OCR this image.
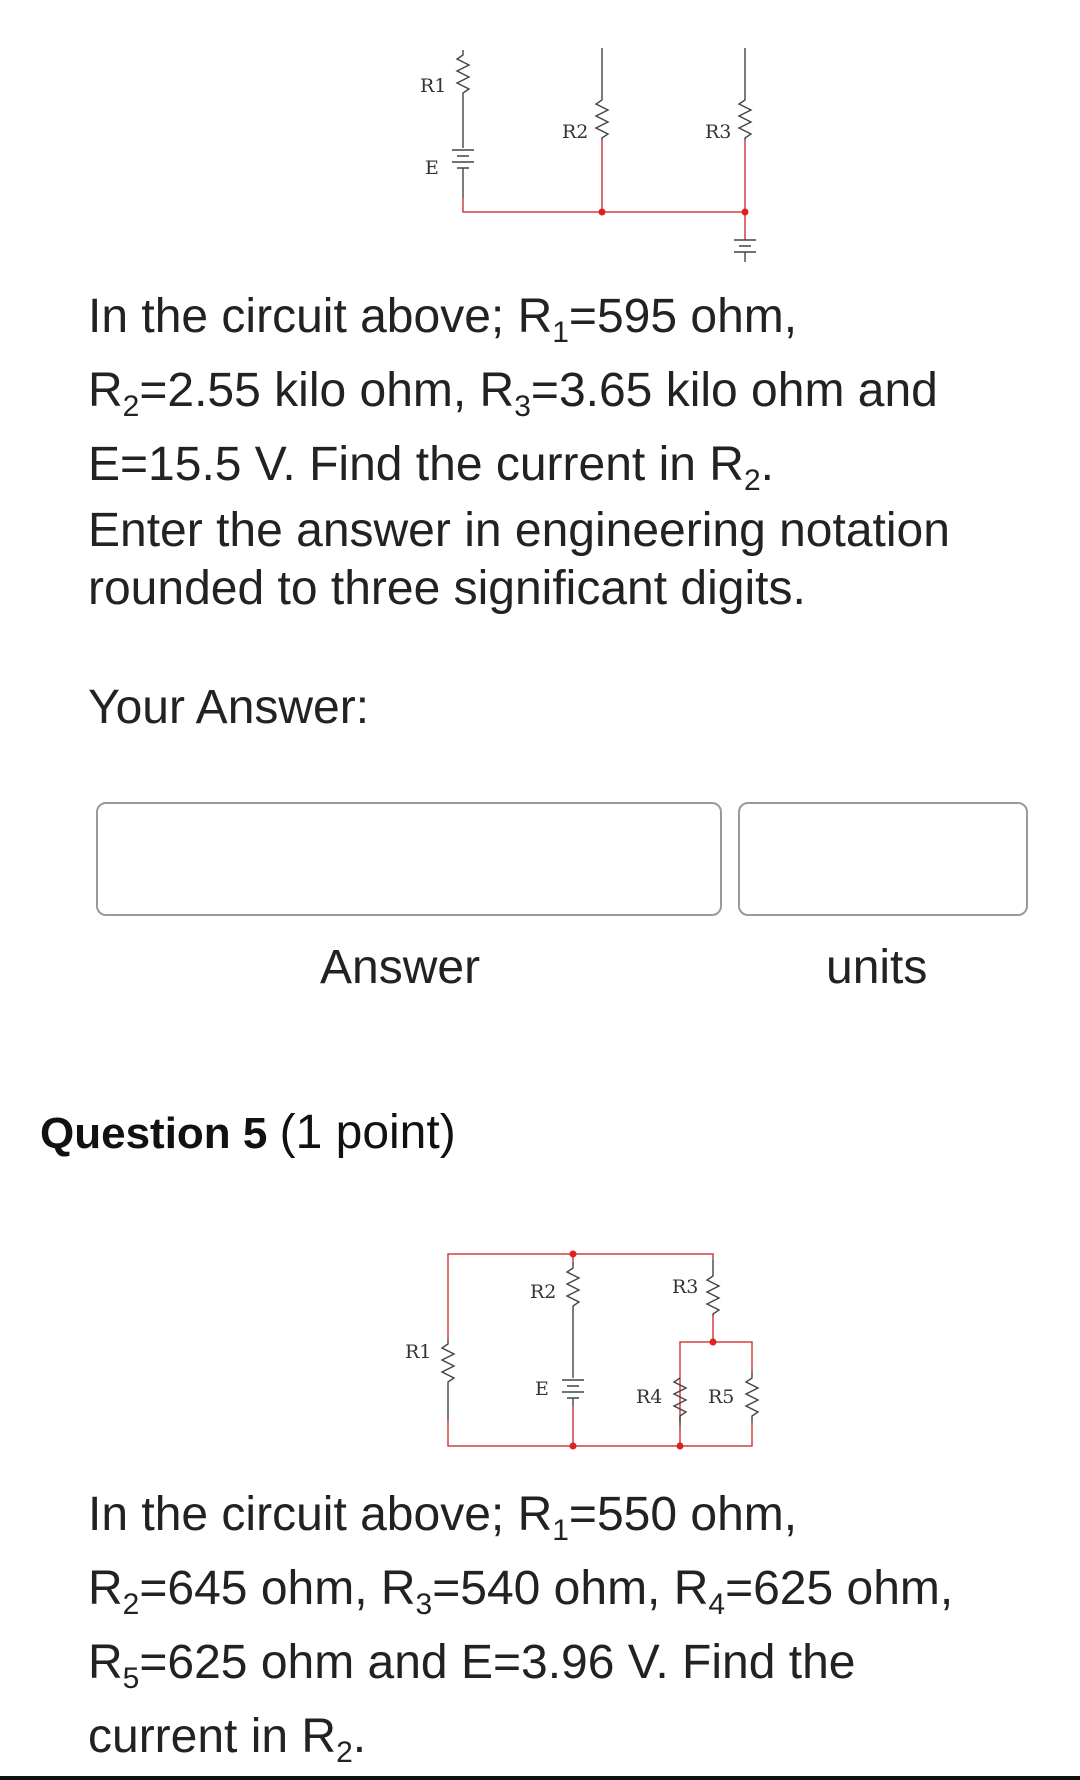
R1
E
R2	R3
In the circuit above; $R_1=595$ ohm,
$R_2=2.55$ kilo ohm, $R_3=3.65$ kilo ohm and
E=15.5 V. Find the current in $R_2$.
Enter the answer in engineering notation
rounded to three significant digits.
Your Answer:
Answer	units
Question 5 (1 point)
R1
R2
E
R3
R4 R5
In the circuit above; $R_1=550$ ohm,
$R_2=645$ ohm, $R_3=540$ ohm, $R_4=625$ ohm,
$R_5=625$ ohm and E=3.96 V. Find the
current in $R_2$.
